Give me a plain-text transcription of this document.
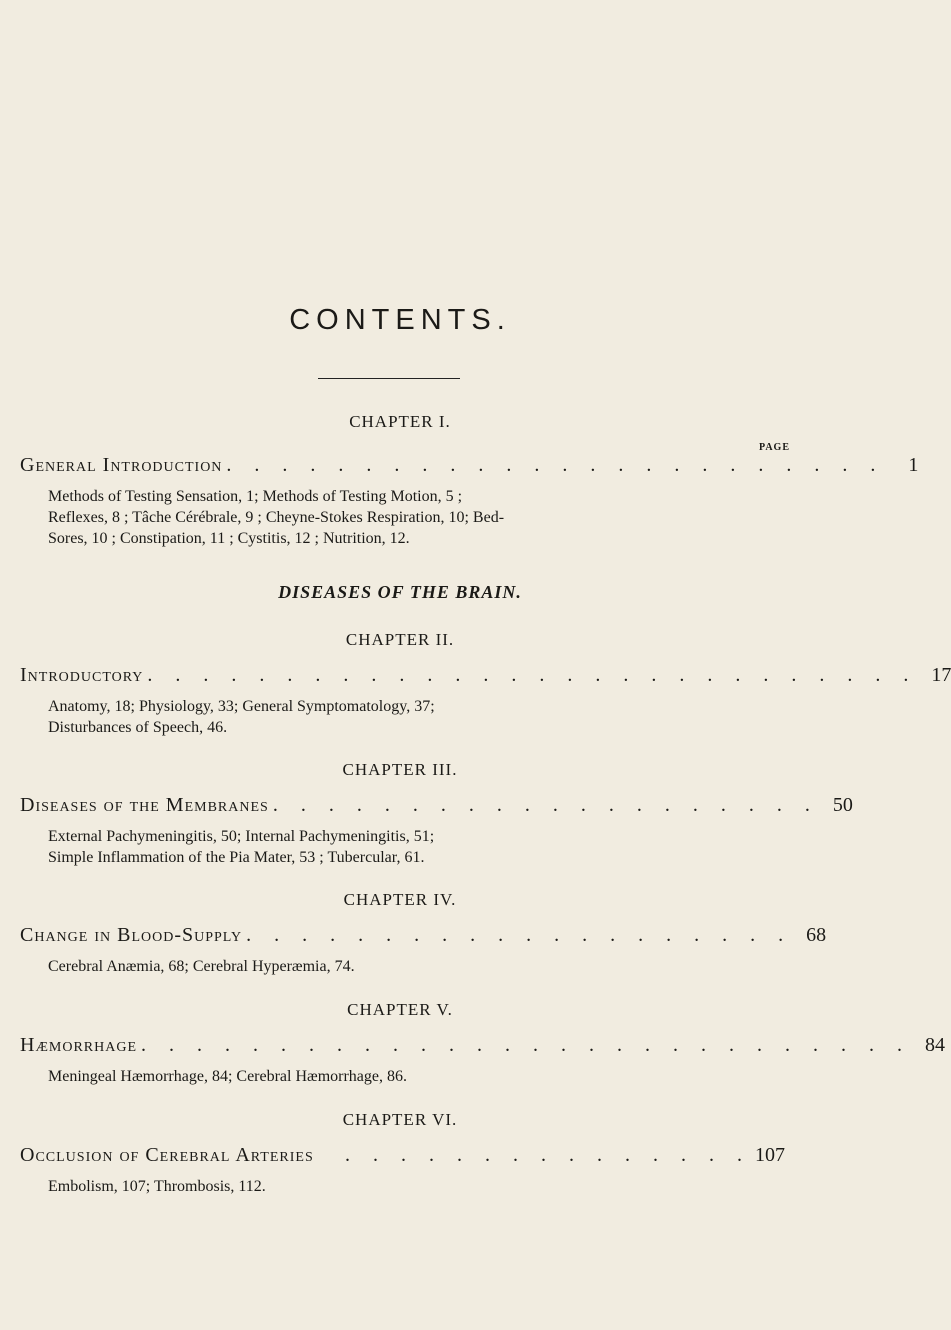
CONTENTS.
CHAPTER I.
PAGE
General Introduction . . . . . . . . . . . . . . . . . . . . . . . .	1
Methods of Testing Sensation, 1; Methods of Testing Motion, 5 ;
Reflexes, 8 ; Tâche Cérébrale, 9 ; Cheyne-Stokes Respiration, 10; Bed-
Sores, 10 ; Constipation, 11 ; Cystitis, 12 ; Nutrition, 12.
DISEASES OF THE BRAIN.
CHAPTER II.
Introductory . . . . . . . . . . . . . . . . . . . . . . . . . . . . 17
Anatomy, 18; Physiology, 33; General Symptomatology, 37;
Disturbances of Speech, 46.
CHAPTER III.
Diseases of the Membranes . . . . . . . . . . . . . . . . . . . . 50
External Pachymeningitis, 50; Internal Pachymeningitis, 51;
Simple Inflammation of the Pia Mater, 53 ; Tubercular, 61.
CHAPTER IV.
Change in Blood-Supply . . . . . . . . . . . . . . . . . . . . 68
Cerebral Anæmia, 68; Cerebral Hyperæmia, 74.
CHAPTER V.
Hæmorrhage . . . . . . . . . . . . . . . . . . . . . . . . . . . . 84
Meningeal Hæmorrhage, 84; Cerebral Hæmorrhage, 86.
CHAPTER VI.
Occlusion of Cerebral Arteries	. . . . . . . . . . . . . . . 107
Embolism, 107; Thrombosis, 112.
